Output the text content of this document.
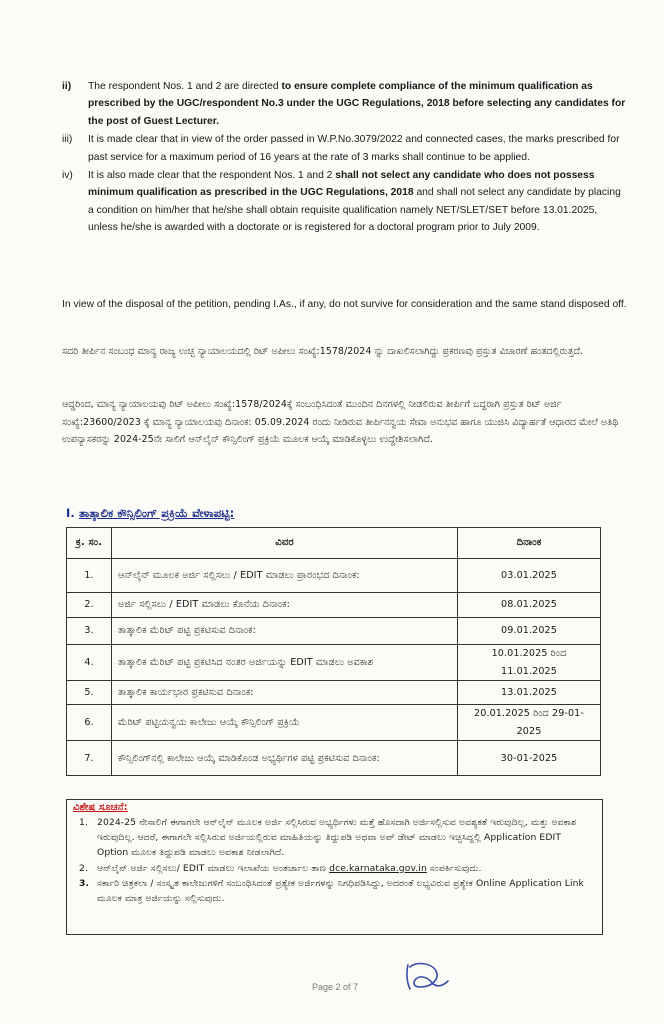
ii)	The respondent Nos. 1 and 2 are directed to ensure complete compliance of the minimum qualification as prescribed by the UGC/respondent No.3 under the UGC Regulations, 2018 before selecting any candidates for the post of Guest Lecturer.
iii)	It is made clear that in view of the order passed in W.P.No.3079/2022 and connected cases, the marks prescribed for past service for a maximum period of 16 years at the rate of 3 marks shall continue to be applied.
iv)	It is also made clear that the respondent Nos. 1 and 2 shall not select any candidate who does not possess minimum qualification as prescribed in the UGC Regulations, 2018 and shall not select any candidate by placing a condition on him/her that he/she shall obtain requisite qualification namely NET/SLET/SET before 13.01.2025, unless he/she is awarded with a doctorate or is registered for a doctoral program prior to July 2009.
In view of the disposal of the petition, pending I.As., if any, do not survive for consideration and the same stand disposed off.
ಸದರಿ ತೀರ್ಪಿನ ಸಂಬಂಧ ಮಾನ್ಯ ರಾಜ್ಯ ಉಚ್ಛ ನ್ಯಾಯಾಲಯದಲ್ಲಿ ರಿಟ್ ಅಪೀಲು ಸಂಖ್ಯೆ:1578/2024 ನ್ನು ದಾಖಲಿಸಲಾಗಿದ್ದು ಪ್ರಕರಣವು ಪ್ರಸ್ತುತ ವಿಚಾರಣೆ ಹಂತದಲ್ಲಿರುತ್ತದೆ.
ಆದ್ದರಿಂದ, ಮಾನ್ಯ ನ್ಯಾಯಾಲಯವು ರಿಟ್ ಅಪೀಲು ಸಂಖ್ಯೆ:1578/2024ಕ್ಕೆ ಸಂಬಂಧಿಸಿದಂತೆ ಮುಂದಿನ ದಿನಗಳಲ್ಲಿ ನೀಡಲಿರುವ ತೀರ್ಪಿಗೆ ಬದ್ಧರಾಗಿ ಪ್ರಸ್ತುತ ರಿಟ್ ಅರ್ಜಿ ಸಂಖ್ಯೆ:23600/2023 ಕ್ಕೆ ಮಾನ್ಯ ನ್ಯಾಯಾಲಯವು ದಿನಾಂಕ: 05.09.2024 ರಂದು ನೀಡಿರುವ ತೀರ್ಪಿನನ್ವಯ ಸೇವಾ ಅನುಭವ ಹಾಗೂ ಯುಜಿಸಿ ವಿದ್ಯಾರ್ಹತೆ ಆಧಾರದ ಮೇಲೆ ಅತಿಥಿ ಉಪನ್ಯಾಸಕರನ್ನು 2024-25ನೇ ಸಾಲಿಗೆ ಆನ್‌ಲೈನ್ ಕೌನ್ಸಿಲಿಂಗ್ ಪ್ರಕ್ರಿಯೆ ಮೂಲಕ ಆಯ್ಕೆ ಮಾಡಿಕೊಳ್ಳಲು ಉದ್ದೇಶಿಸಲಾಗಿದೆ.
I. ತಾತ್ಕಾಲಿಕ ಕೌನ್ಸಿಲಿಂಗ್ ಪ್ರಕ್ರಿಯೆ ವೇಳಾಪಟ್ಟಿ:
ಕ್ರ. ಸಂ.	ವಿವರ	ದಿನಾಂಕ
1.	ಆನ್‌ಲೈನ್ ಮೂಲಕ ಅರ್ಜಿ ಸಲ್ಲಿಸಲು / EDIT ಮಾಡಲು ಪ್ರಾರಂಭದ ದಿನಾಂಕ:	03.01.2025
2.	ಅರ್ಜಿ ಸಲ್ಲಿಸಲು / EDIT ಮಾಡಲು ಕೊನೆಯ ದಿನಾಂಕ:	08.01.2025
3.	ತಾತ್ಕಾಲಿಕ ಮೆರಿಟ್ ಪಟ್ಟಿ ಪ್ರಕಟಿಸುವ ದಿನಾಂಕ:	09.01.2025
4.	ತಾತ್ಕಾಲಿಕ ಮೆರಿಟ್ ಪಟ್ಟಿ ಪ್ರಕಟಿಸಿದ ನಂತರ ಅರ್ಜಿಯನ್ನು EDIT ಮಾಡಲು ಅವಕಾಶ	10.01.2025 ರಿಂದ 11.01.2025
5.	ತಾತ್ಕಾಲಿಕ ಕಾರ್ಯಭಾರ ಪ್ರಕಟಿಸುವ ದಿನಾಂಕ:	13.01.2025
6.	ಮೆರಿಟ್ ಪಟ್ಟಿಯನ್ವಯ ಕಾಲೇಜು ಆಯ್ಕೆ ಕೌನ್ಸಿಲಿಂಗ್ ಪ್ರಕ್ರಿಯೆ	20.01.2025 ರಿಂದ 29-01-2025
7.	ಕೌನ್ಸಿಲಿಂಗ್‌ನಲ್ಲಿ ಕಾಲೇಜು ಆಯ್ಕೆ ಮಾಡಿಕೊಂಡ ಅಭ್ಯರ್ಥಿಗಳ ಪಟ್ಟಿ ಪ್ರಕಟಿಸುವ ದಿನಾಂಕ:	30-01-2025
ವಿಶೇಷ ಸೂಚನೆ:
1. 2024-25 ನೇಸಾಲಿಗೆ ಈಗಾಗಲೇ ಆನ್‌ಲೈನ್ ಮೂಲಕ ಅರ್ಜಿ ಸಲ್ಲಿಸಿರುವ ಅಭ್ಯರ್ಥಿಗಳು ಮತ್ತೆ ಹೊಸದಾಗಿ ಅರ್ಜಿಸಲ್ಲಿಸುವ ಅವಶ್ಯಕತೆ ಇರುವುದಿಲ್ಲ, ಮತ್ತು ಅವಕಾಶ ಇರುವುದಿಲ್ಲ. ಆದರೆ, ಈಗಾಗಲೇ ಸಲ್ಲಿಸಿರುವ ಅರ್ಜಿಯಲ್ಲಿರುವ ಮಾಹಿತಿಯನ್ನು ತಿದ್ದುಪಡಿ ಅಥವಾ ಅಪ್ ಡೇಟ್ ಮಾಡಲು ಇಚ್ಛಿಸಿದ್ದಲ್ಲಿ Application EDIT Option ಮೂಲಕ ತಿದ್ದುಪಡಿ ಮಾಡಲು ಅವಕಾಶ ನೀಡಲಾಗಿದೆ.
2. ಆನ್‌ಲೈನ್ ಅರ್ಜಿ ಸಲ್ಲಿಸಲು/ EDIT ಮಾಡಲು ಇಲಾಖೆಯ ಅಂತರ್ಜಾಲ ತಾಣ dce.karnataka.gov.in ಸಂಪರ್ಕಿಸುವುದು.
3. ಸರ್ಕಾರಿ ಚಿತ್ರಕಲಾ / ಸಂಸ್ಕೃತ ಕಾಲೇಜುಗಳಿಗೆ ಸಂಬಂಧಿಸಿದಂತೆ ಪ್ರತ್ಯೇಕ ಅರ್ಜಿಗಳನ್ನು ನಿಗಧಿಪಡಿಸಿದ್ದು, ಅದರಂತೆ ಲಭ್ಯವಿರುವ ಪ್ರತ್ಯೇಕ Online Application Link ಮೂಲಕ ಮಾತ್ರ ಅರ್ಜಿಯನ್ನು ಸಲ್ಲಿಸುವುದು.
Page 2 of 7
